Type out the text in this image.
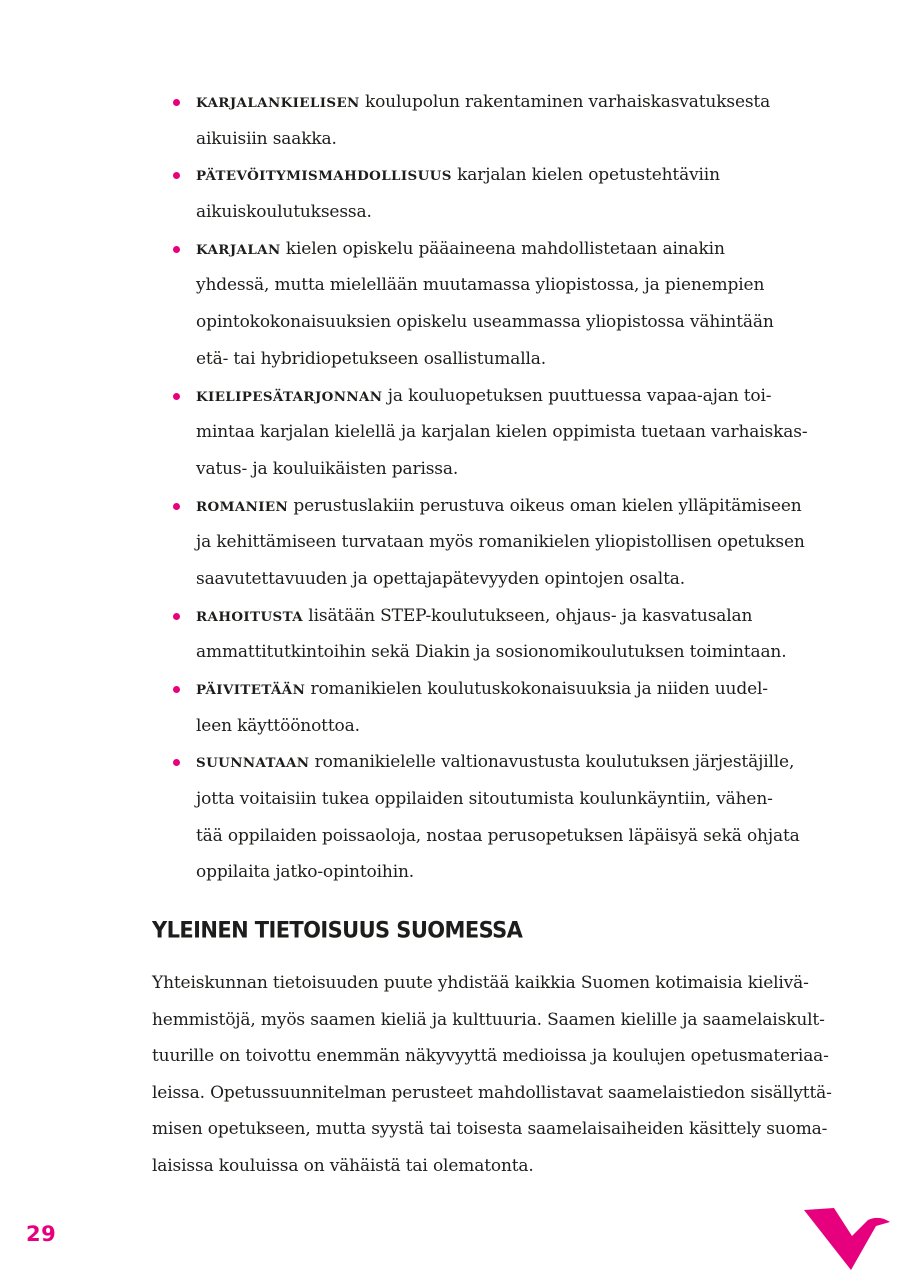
KARJALANKIELISEN koulupolun rakentaminen varhaiskasvatuksesta
aikuisiin saakka.
PÄTEVÖITYMISMAHDOLLISUUS karjalan kielen opetustehtäviin
aikuiskoulutuksessa.
KARJALAN kielen opiskelu pääaineena mahdollistetaan ainakin
yhdessä, mutta mielellään muutamassa yliopistossa, ja pienempien
opintokokonaisuuksien opiskelu useammassa yliopistossa vähintään
etä- tai hybridiopetukseen osallistumalla.
KIELIPESÄTARJONNAN ja kouluopetuksen puuttuessa vapaa-ajan toi-
mintaa karjalan kielellä ja karjalan kielen oppimista tuetaan varhaiskas-
vatus- ja kouluikäisten parissa.
ROMANIEN perustuslakiin perustuva oikeus oman kielen ylläpitämiseen
ja kehittämiseen turvataan myös romanikielen yliopistollisen opetuksen
saavutettavuuden ja opettajapätevyyden opintojen osalta.
RAHOITUSTA lisätään STEP-koulutukseen, ohjaus- ja kasvatusalan
ammattitutkintoihin sekä Diakin ja sosionomikoulutuksen toimintaan.
PÄIVITETÄÄN romanikielen koulutuskokonaisuuksia ja niiden uudel-
leen käyttöönottoa.
SUUNNATAAN romanikielelle valtionavustusta koulutuksen järjestäjille,
jotta voitaisiin tukea oppilaiden sitoutumista koulunkäyntiin, vähen-
tää oppilaiden poissaoloja, nostaa perusopetuksen läpäisyä sekä ohjata
oppilaita jatko-opintoihin.
YLEINEN TIETOISUUS SUOMESSA
Yhteiskunnan tietoisuuden puute yhdistää kaikkia Suomen kotimaisia kielivä-
hemmistöjä, myös saamen kieliä ja kulttuuria. Saamen kielille ja saamelaiskult-
tuurille on toivottu enemmän näkyvyyttä medioissa ja koulujen opetusmateriaa-
leissa. Opetussuunnitelman perusteet mahdollistavat saamelaistiedon sisällyttä-
misen opetukseen, mutta syystä tai toisesta saamelaisaiheiden käsittely suoma-
laisissa kouluissa on vähäistä tai olematonta.
29
